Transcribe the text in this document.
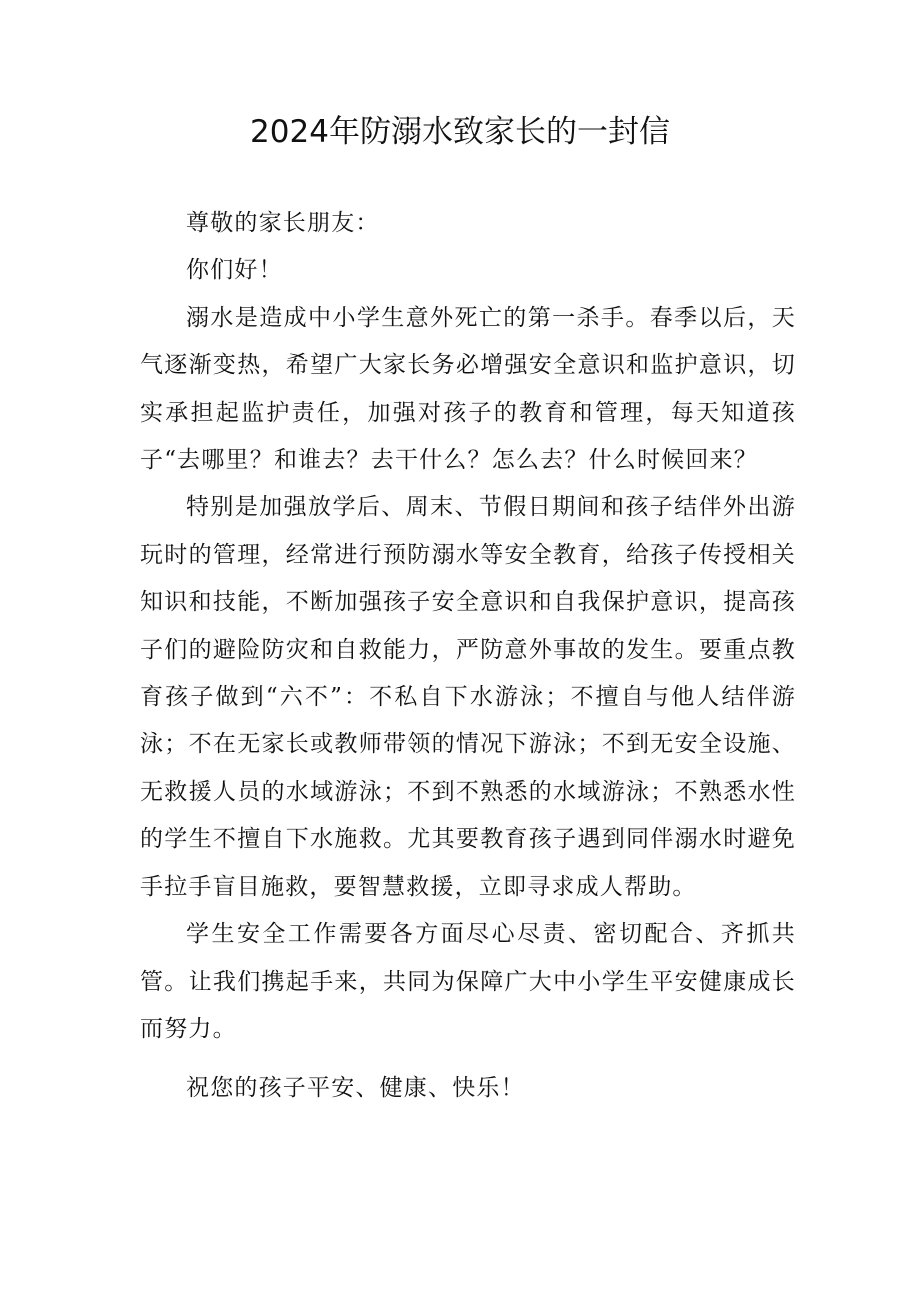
2024年防溺水致家长的一封信

尊敬的家长朋友：

你们好！

溺水是造成中小学生意外死亡的第一杀手。春季以后，天气逐渐变热，希望广大家长务必增强安全意识和监护意识，切实承担起监护责任，加强对孩子的教育和管理，每天知道孩子“去哪里？和谁去？去干什么？怎么去？什么时候回来？

特别是加强放学后、周末、节假日期间和孩子结伴外出游玩时的管理，经常进行预防溺水等安全教育，给孩子传授相关知识和技能，不断加强孩子安全意识和自我保护意识，提高孩子们的避险防灾和自救能力，严防意外事故的发生。要重点教育孩子做到“六不”：不私自下水游泳；不擅自与他人结伴游泳；不在无家长或教师带领的情况下游泳；不到无安全设施、无救援人员的水域游泳；不到不熟悉的水域游泳；不熟悉水性的学生不擅自下水施救。尤其要教育孩子遇到同伴溺水时避免手拉手盲目施救，要智慧救援，立即寻求成人帮助。

学生安全工作需要各方面尽心尽责、密切配合、齐抓共管。让我们携起手来，共同为保障广大中小学生平安健康成长而努力。

祝您的孩子平安、健康、快乐！
